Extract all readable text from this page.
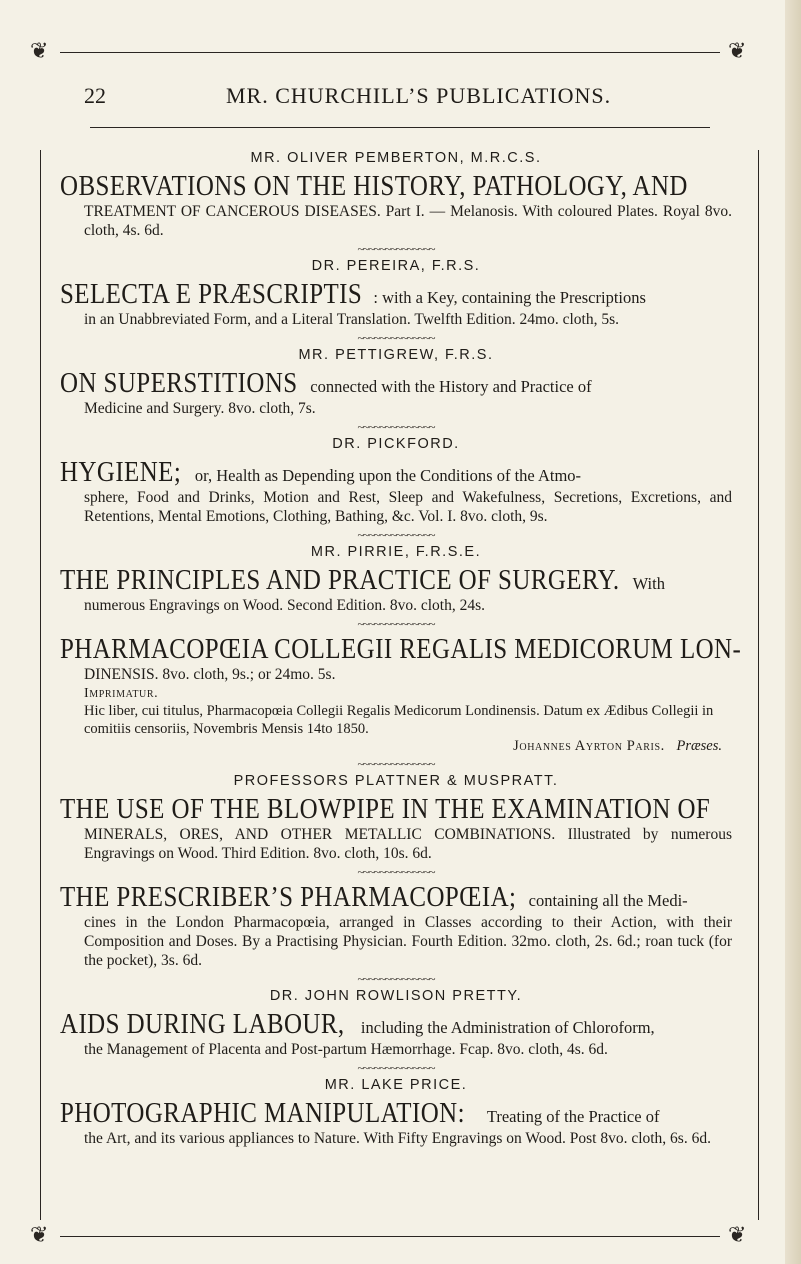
❦	❦
22	MR. CHURCHILL’S PUBLICATIONS.
MR. OLIVER PEMBERTON, M.R.C.S.
OBSERVATIONS ON THE HISTORY, PATHOLOGY, AND
TREATMENT OF CANCEROUS DISEASES. Part I. — Melanosis. With coloured Plates. Royal 8vo. cloth, 4s. 6d.
~~~~~~~~~~~~~~
DR. PEREIRA, F.R.S.
SELECTA E PRÆSCRIPTIS : with a Key, containing the Prescriptions
in an Unabbreviated Form, and a Literal Translation. Twelfth Edition. 24mo. cloth, 5s.
~~~~~~~~~~~~~~
MR. PETTIGREW, F.R.S.
ON SUPERSTITIONS connected with the History and Practice of
Medicine and Surgery. 8vo. cloth, 7s.
~~~~~~~~~~~~~~
DR. PICKFORD.
HYGIENE; or, Health as Depending upon the Conditions of the Atmo-
sphere, Food and Drinks, Motion and Rest, Sleep and Wakefulness, Secretions, Excretions, and Retentions, Mental Emotions, Clothing, Bathing, &c. Vol. I. 8vo. cloth, 9s.
~~~~~~~~~~~~~~
MR. PIRRIE, F.R.S.E.
THE PRINCIPLES AND PRACTICE OF SURGERY. With
numerous Engravings on Wood. Second Edition. 8vo. cloth, 24s.
~~~~~~~~~~~~~~
PHARMACOPŒIA COLLEGII REGALIS MEDICORUM LON-
DINENSIS. 8vo. cloth, 9s.; or 24mo. 5s.
Imprimatur.
Hic liber, cui titulus, Pharmacopœia Collegii Regalis Medicorum Londinensis. Datum ex Ædibus Collegii in comitiis censoriis, Novembris Mensis 14to 1850.
Johannes Ayrton Paris. Præses.
~~~~~~~~~~~~~~
PROFESSORS PLATTNER & MUSPRATT.
THE USE OF THE BLOWPIPE IN THE EXAMINATION OF
MINERALS, ORES, AND OTHER METALLIC COMBINATIONS. Illustrated by numerous Engravings on Wood. Third Edition. 8vo. cloth, 10s. 6d.
~~~~~~~~~~~~~~
THE PRESCRIBER’S PHARMACOPŒIA; containing all the Medi-
cines in the London Pharmacopœia, arranged in Classes according to their Action, with their Composition and Doses. By a Practising Physician. Fourth Edition. 32mo. cloth, 2s. 6d.; roan tuck (for the pocket), 3s. 6d.
~~~~~~~~~~~~~~
DR. JOHN ROWLISON PRETTY.
AIDS DURING LABOUR, including the Administration of Chloroform,
the Management of Placenta and Post-partum Hæmorrhage. Fcap. 8vo. cloth, 4s. 6d.
~~~~~~~~~~~~~~
MR. LAKE PRICE.
PHOTOGRAPHIC MANIPULATION: Treating of the Practice of
the Art, and its various appliances to Nature. With Fifty Engravings on Wood. Post 8vo. cloth, 6s. 6d.
❦	❦
